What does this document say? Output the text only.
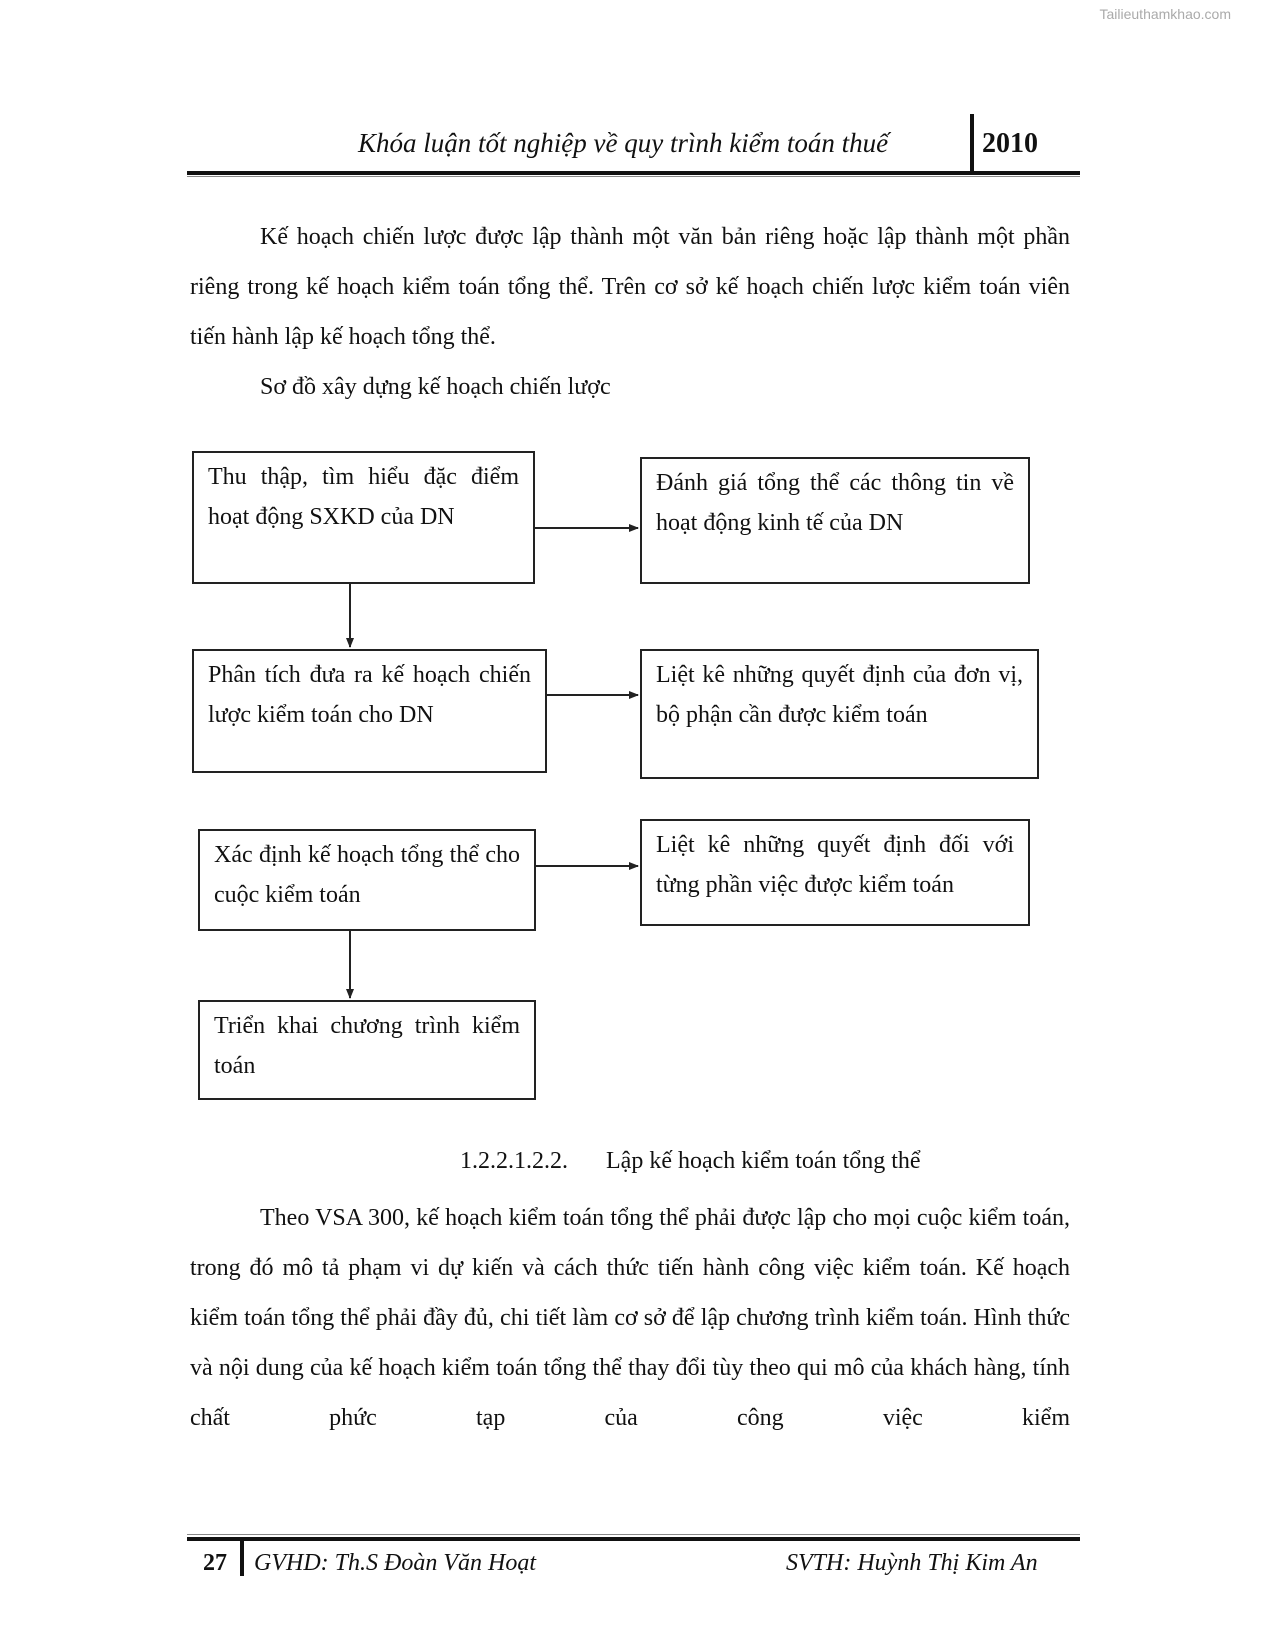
Tailieuthamkhao.com
Khóa luận tốt nghiệp về quy trình kiểm toán thuế	2010

Kế hoạch chiến lược được lập thành một văn bản riêng hoặc lập thành một phần riêng trong kế hoạch kiểm toán tổng thể. Trên cơ sở kế hoạch chiến lược kiểm toán viên tiến hành lập kế hoạch tổng thể.

Sơ đồ xây dựng kế hoạch chiến lược

Thu thập, tìm hiểu đặc điểm hoạt động SXKD của DN
Đánh giá tổng thể các thông tin về hoạt động kinh tế của DN
Phân tích đưa ra kế hoạch chiến lược kiểm toán cho DN
Liệt kê những quyết định của đơn vị, bộ phận cần được kiểm toán
Xác định kế hoạch tổng thể cho cuộc kiểm toán
Liệt kê những quyết định đối với từng phần việc được kiểm toán
Triển khai chương trình kiểm toán
1.2.2.1.2.2. Lập kế hoạch kiểm toán tổng thể

Theo VSA 300, kế hoạch kiểm toán tổng thể phải được lập cho mọi cuộc kiểm toán, trong đó mô tả phạm vi dự kiến và cách thức tiến hành công việc kiểm toán. Kế hoạch kiểm toán tổng thể phải đầy đủ, chi tiết làm cơ sở để lập chương trình kiểm toán. Hình thức và nội dung của kế hoạch kiểm toán tổng thể thay đổi tùy theo qui mô của khách hàng, tính chất phức tạp của công việc kiểm

27 GVHD: Th.S Đoàn Văn Hoạt	SVTH: Huỳnh Thị Kim An
